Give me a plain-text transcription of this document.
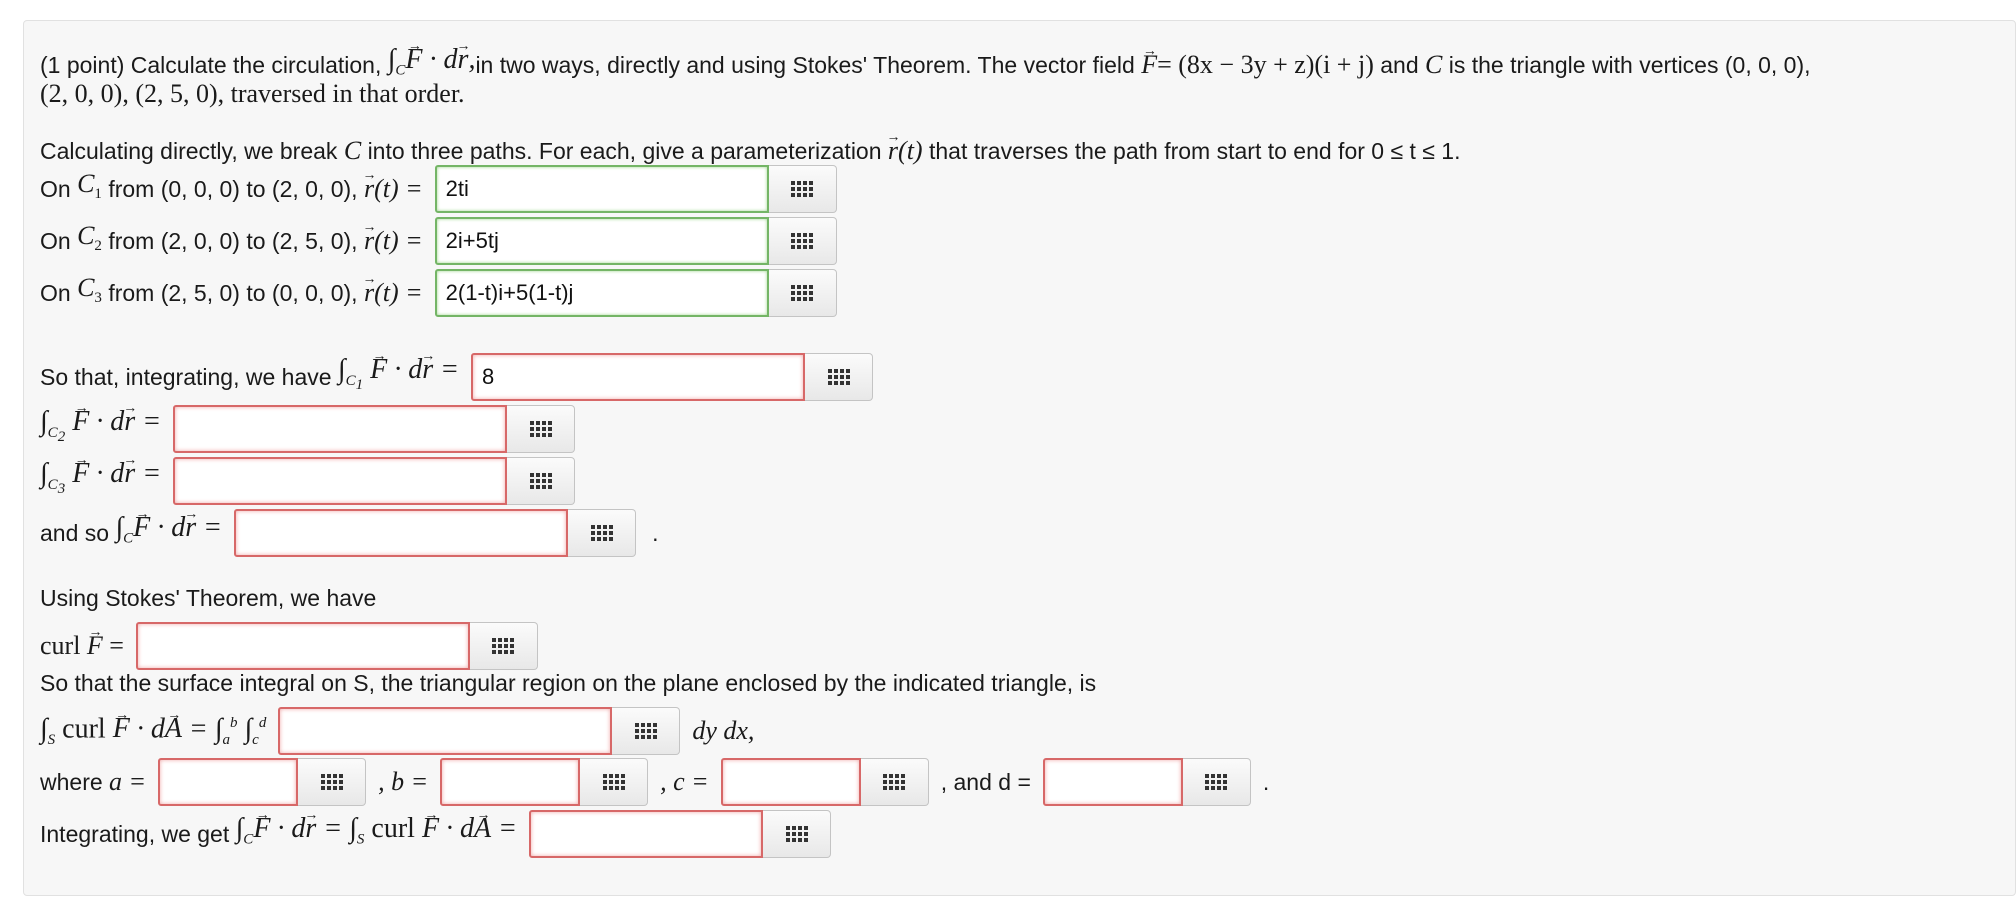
(1 point)
Calculate the circulation,
$\int_CF$ → · dr →, in two ways, directly and using Stokes' Theorem. The vector field
F →= (8x − 3y + z)(i + j)
and
C
is the triangle with vertices (0, 0, 0),
(2, 0, 0), (2, 5, 0), traversed in that order.
Calculating directly, we break
C
into three paths. For each, give a parameterization
r →(t)
that traverses the path from start to end for 0 ≤ t ≤ 1.
On
$C_1$
from (0, 0, 0) to (2, 0, 0),
r →(t) =
2ti
On
$C_2$
from (2, 0, 0) to (2, 5, 0),
r →(t) =
2i+5tj
On
$C_3$
from (2, 5, 0) to (0, 0, 0),
r →(t) =
2(1-t)i+5(1-t)j
So that, integrating, we have
$\int_{C_1}$ F → · dr → =
8
$\int_{C_2}$ F → · dr → =
$\int_{C_3}$ F → · dr → =
and so
$\int_CF$ → · dr → =	.
Using Stokes' Theorem, we have
curl
F → =
So that the surface integral on S, the triangular region on the plane enclosed by the indicated triangle, is
$\int_S$ curl F → · dA → = $\int_a^b$ $\int_c^d$	dy dx,
where
a =	, b =	, c =	, and d =	.
Integrating, we get
$\int_CF$ → · dr → = $\int_S$ curl F → · dA → =
